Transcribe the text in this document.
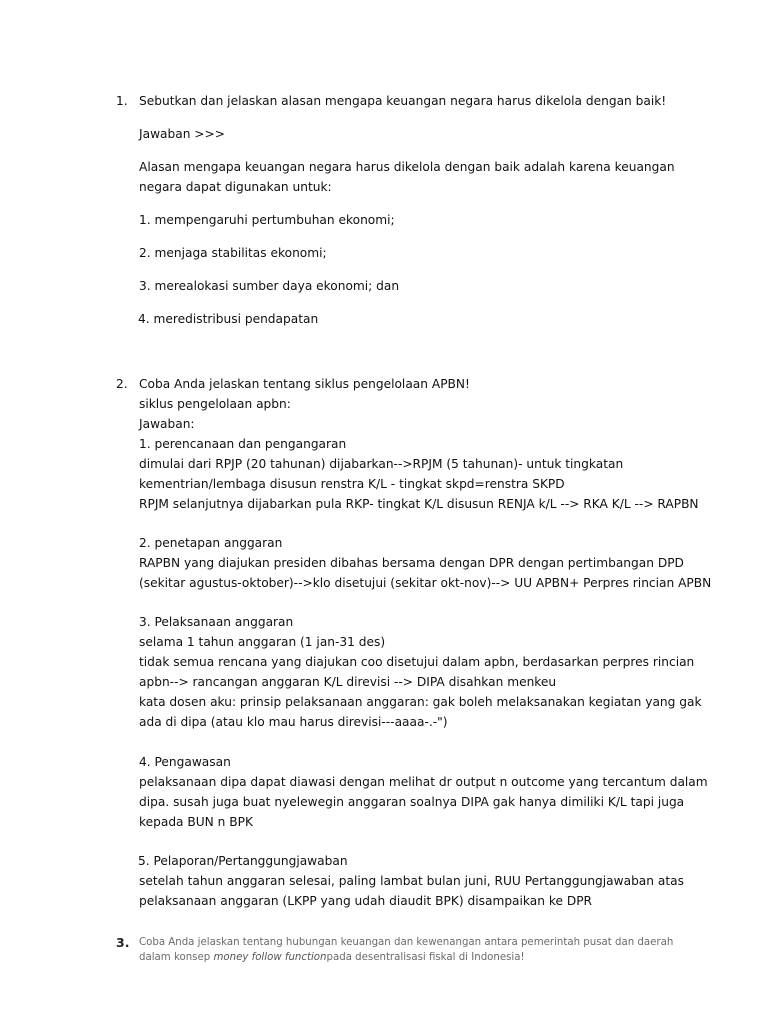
1. Sebutkan dan jelaskan alasan mengapa keuangan negara harus dikelola dengan baik!
Jawaban >>>
Alasan mengapa keuangan negara harus dikelola dengan baik adalah karena keuangan
negara dapat digunakan untuk:
1. mempengaruhi pertumbuhan ekonomi;
2. menjaga stabilitas ekonomi;
3. merealokasi sumber daya ekonomi; dan
4. meredistribusi pendapatan
2. Coba Anda jelaskan tentang siklus pengelolaan APBN!
siklus pengelolaan apbn:
Jawaban:
1. perencanaan dan pengangaran
dimulai dari RPJP (20 tahunan) dijabarkan-->RPJM (5 tahunan)- untuk tingkatan
kementrian/lembaga disusun renstra K/L - tingkat skpd=renstra SKPD
RPJM selanjutnya dijabarkan pula RKP- tingkat K/L disusun RENJA k/L --> RKA K/L --> RAPBN
2. penetapan anggaran
RAPBN yang diajukan presiden dibahas bersama dengan DPR dengan pertimbangan DPD
(sekitar agustus-oktober)-->klo disetujui (sekitar okt-nov)--> UU APBN+ Perpres rincian APBN
3. Pelaksanaan anggaran
selama 1 tahun anggaran (1 jan-31 des)
tidak semua rencana yang diajukan coo disetujui dalam apbn, berdasarkan perpres rincian
apbn--> rancangan anggaran K/L direvisi --> DIPA disahkan menkeu
kata dosen aku: prinsip pelaksanaan anggaran: gak boleh melaksanakan kegiatan yang gak
ada di dipa (atau klo mau harus direvisi---aaaa-.-")
4. Pengawasan
pelaksanaan dipa dapat diawasi dengan melihat dr output n outcome yang tercantum dalam
dipa. susah juga buat nyelewegin anggaran soalnya DIPA gak hanya dimiliki K/L tapi juga
kepada BUN n BPK
5. Pelaporan/Pertanggungjawaban
setelah tahun anggaran selesai, paling lambat bulan juni, RUU Pertanggungjawaban atas
pelaksanaan anggaran (LKPP yang udah diaudit BPK) disampaikan ke DPR
3. Coba Anda jelaskan tentang hubungan keuangan dan kewenangan antara pemerintah pusat dan daerah
dalam konsep money follow functionpada desentralisasi fiskal di Indonesia!
